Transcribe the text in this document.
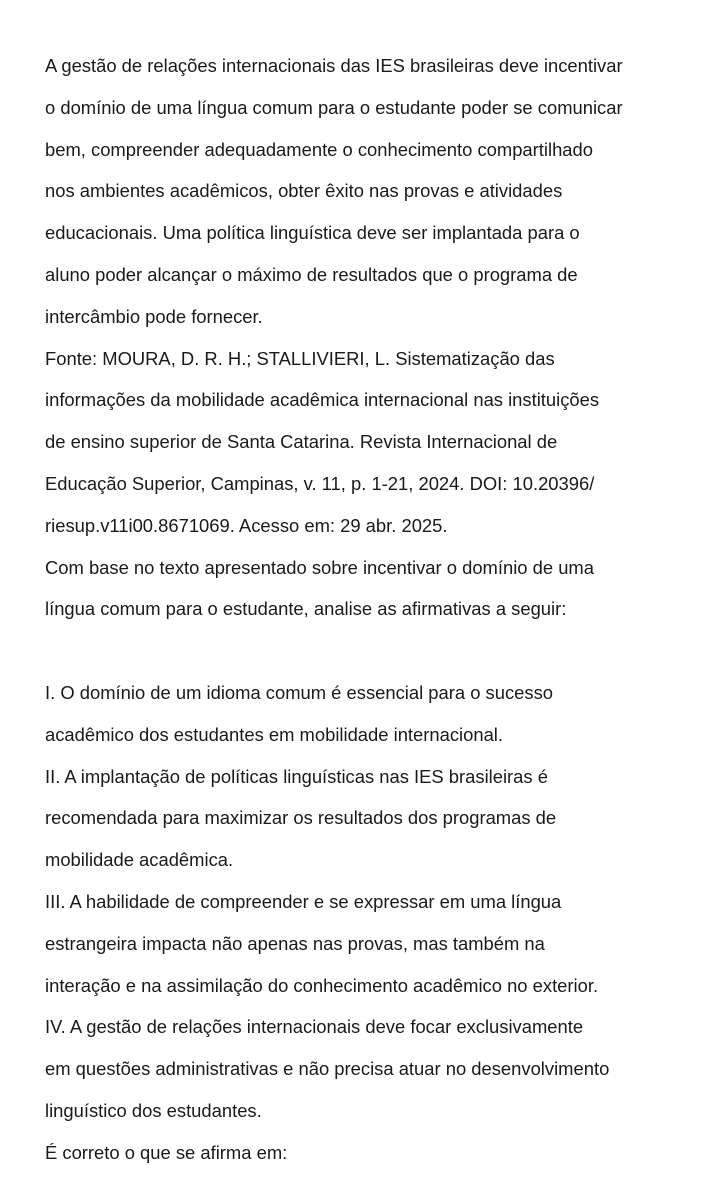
A gestão de relações internacionais das IES brasileiras deve incentivar
o domínio de uma língua comum para o estudante poder se comunicar
bem, compreender adequadamente o conhecimento compartilhado
nos ambientes acadêmicos, obter êxito nas provas e atividades
educacionais. Uma política linguística deve ser implantada para o
aluno poder alcançar o máximo de resultados que o programa de
intercâmbio pode fornecer.

Fonte: MOURA, D. R. H.; STALLIVIERI, L. Sistematização das
informações da mobilidade acadêmica internacional nas instituições
de ensino superior de Santa Catarina. Revista Internacional de
Educação Superior, Campinas, v. 11, p. 1-21, 2024. DOI: 10.20396/
riesup.v11i00.8671069. Acesso em: 29 abr. 2025.

Com base no texto apresentado sobre incentivar o domínio de uma
língua comum para o estudante, analise as afirmativas a seguir:

I. O domínio de um idioma comum é essencial para o sucesso
acadêmico dos estudantes em mobilidade internacional.

II. A implantação de políticas linguísticas nas IES brasileiras é
recomendada para maximizar os resultados dos programas de
mobilidade acadêmica.

III. A habilidade de compreender e se expressar em uma língua
estrangeira impacta não apenas nas provas, mas também na
interação e na assimilação do conhecimento acadêmico no exterior.

IV. A gestão de relações internacionais deve focar exclusivamente
em questões administrativas e não precisa atuar no desenvolvimento
linguístico dos estudantes.

É correto o que se afirma em:
